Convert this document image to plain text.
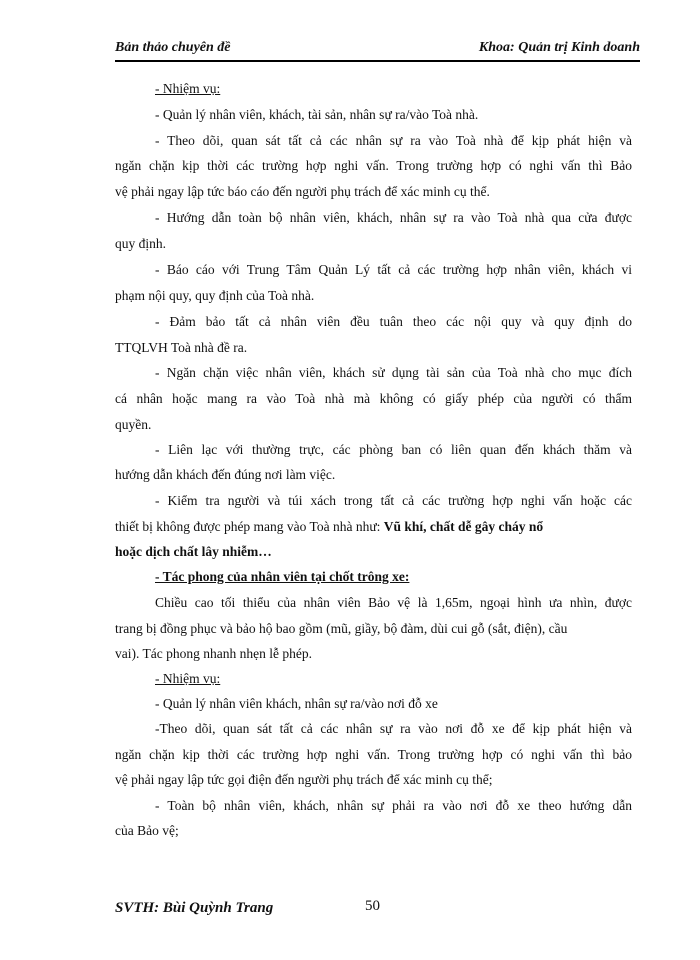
Bản thảo chuyên đề	Khoa: Quản trị Kinh doanh
- Nhiệm vụ:
- Quản lý nhân viên, khách, tài sản, nhân sự ra/vào Toà nhà.
- Theo dõi, quan sát tất cả các nhân sự ra vào Toà nhà để kịp phát hiện và
ngăn chặn kịp thời các trường hợp nghi vấn. Trong trường hợp có nghi vấn thì Bảo
vệ phải ngay lập tức báo cáo đến người phụ trách để xác minh cụ thể.
- Hướng dẫn toàn bộ nhân viên, khách, nhân sự ra vào Toà nhà qua cửa được
quy định.
- Báo cáo với Trung Tâm Quản Lý tất cả các trường hợp nhân viên, khách vi
phạm nội quy, quy định của Toà nhà.
- Đảm bảo tất cả nhân viên đều tuân theo các nội quy và quy định do
TTQLVH Toà nhà đề ra.
- Ngăn chặn việc nhân viên, khách sử dụng tài sản của Toà nhà cho mục đích
cá nhân hoặc mang ra vào Toà nhà mà không có giấy phép của người có thẩm
quyền.
- Liên lạc với thường trực, các phòng ban có liên quan đến khách thăm và
hướng dẫn khách đến đúng nơi làm việc.
- Kiểm tra người và túi xách trong tất cả các trường hợp nghi vấn hoặc các
thiết bị không được phép mang vào Toà nhà như: Vũ khí, chất dễ gây cháy nổ
hoặc dịch chất lây nhiễm…
- Tác phong của nhân viên tại chốt trông xe:
Chiều cao tối thiểu của nhân viên Bảo vệ là 1,65m, ngoại hình ưa nhìn, được
trang bị đồng phục và bảo hộ bao gồm (mũ, giầy, bộ đàm, dùi cui gỗ (sắt, điện), cầu
vai). Tác phong nhanh nhẹn lễ phép.
- Nhiệm vụ:
- Quản lý nhân viên khách, nhân sự ra/vào nơi đỗ xe
-Theo dõi, quan sát tất cả các nhân sự ra vào nơi đỗ xe để kịp phát hiện và
ngăn chặn kịp thời các trường hợp nghi vấn. Trong trường hợp có nghi vấn thì bảo
vệ phải ngay lập tức gọi điện đến người phụ trách để xác minh cụ thể;
- Toàn bộ nhân viên, khách, nhân sự phải ra vào nơi đỗ xe theo hướng dẫn
của Bảo vệ;
SVTH: Bùi Quỳnh Trang	50
